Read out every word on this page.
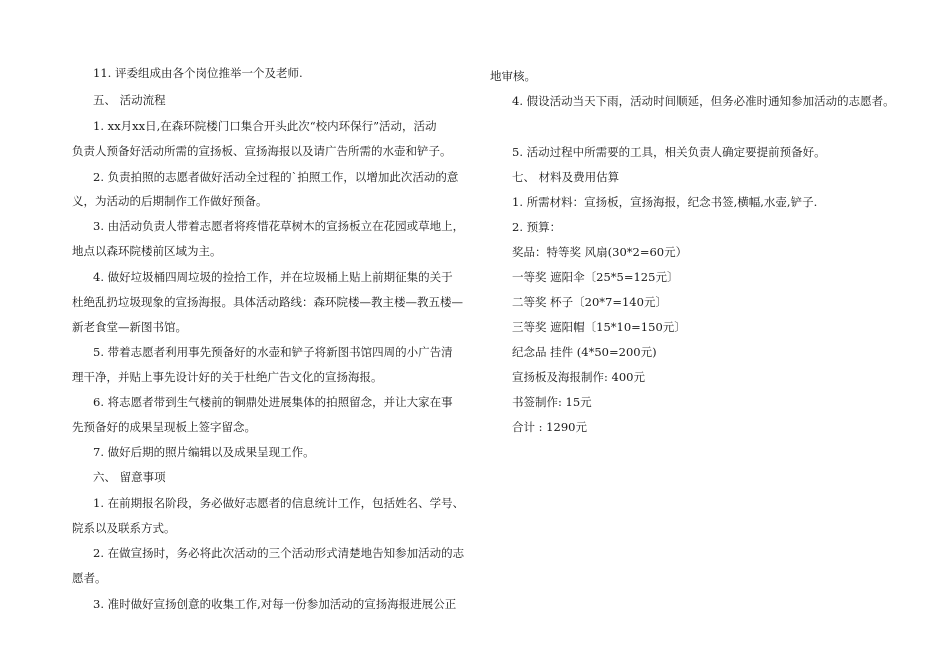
11. 评委组成由各个岗位推举一个及老师.
五、 活动流程
1. xx月xx日,在森环院楼门口集合开头此次“校内环保行”活动，活动
负责人预备好活动所需的宣扬板、宣扬海报以及请广告所需的水壶和铲子。
2. 负责拍照的志愿者做好活动全过程的`拍照工作，以增加此次活动的意
义，为活动的后期制作工作做好预备。
3. 由活动负责人带着志愿者将疼惜花草树木的宣扬板立在花园或草地上，
地点以森环院楼前区域为主。
4. 做好垃圾桶四周垃圾的捡拾工作，并在垃圾桶上贴上前期征集的关于
杜绝乱扔垃圾现象的宣扬海报。具体活动路线：森环院楼—教主楼—教五楼—
新老食堂—新图书馆。
5. 带着志愿者利用事先预备好的水壶和铲子将新图书馆四周的小广告清
理干净，并贴上事先设计好的关于杜绝广告文化的宣扬海报。
6. 将志愿者带到生气楼前的铜鼎处进展集体的拍照留念，并让大家在事
先预备好的成果呈现板上签字留念。
7. 做好后期的照片编辑以及成果呈现工作。
六、 留意事项
1. 在前期报名阶段，务必做好志愿者的信息统计工作，包括姓名、学号、
院系以及联系方式。
2. 在做宣扬时，务必将此次活动的三个活动形式清楚地告知参加活动的志
愿者。
3. 准时做好宣扬创意的收集工作,对每一份参加活动的宣扬海报进展公正
地审核。
4. 假设活动当天下雨，活动时间顺延，但务必准时通知参加活动的志愿者。
5. 活动过程中所需要的工具，相关负责人确定要提前预备好。
七、 材料及费用估算
1. 所需材料：宣扬板，宣扬海报，纪念书签,横幅,水壶,铲子.
2. 预算：
奖品：特等奖 风扇(30*2=60元）
一等奖 遮阳伞〔25*5=125元〕
二等奖 杯子〔20*7=140元〕
三等奖 遮阳帽〔15*10=150元〕
纪念品 挂件 (4*50=200元)
宣扬板及海报制作: 400元
书签制作: 15元
合计 : 1290元
